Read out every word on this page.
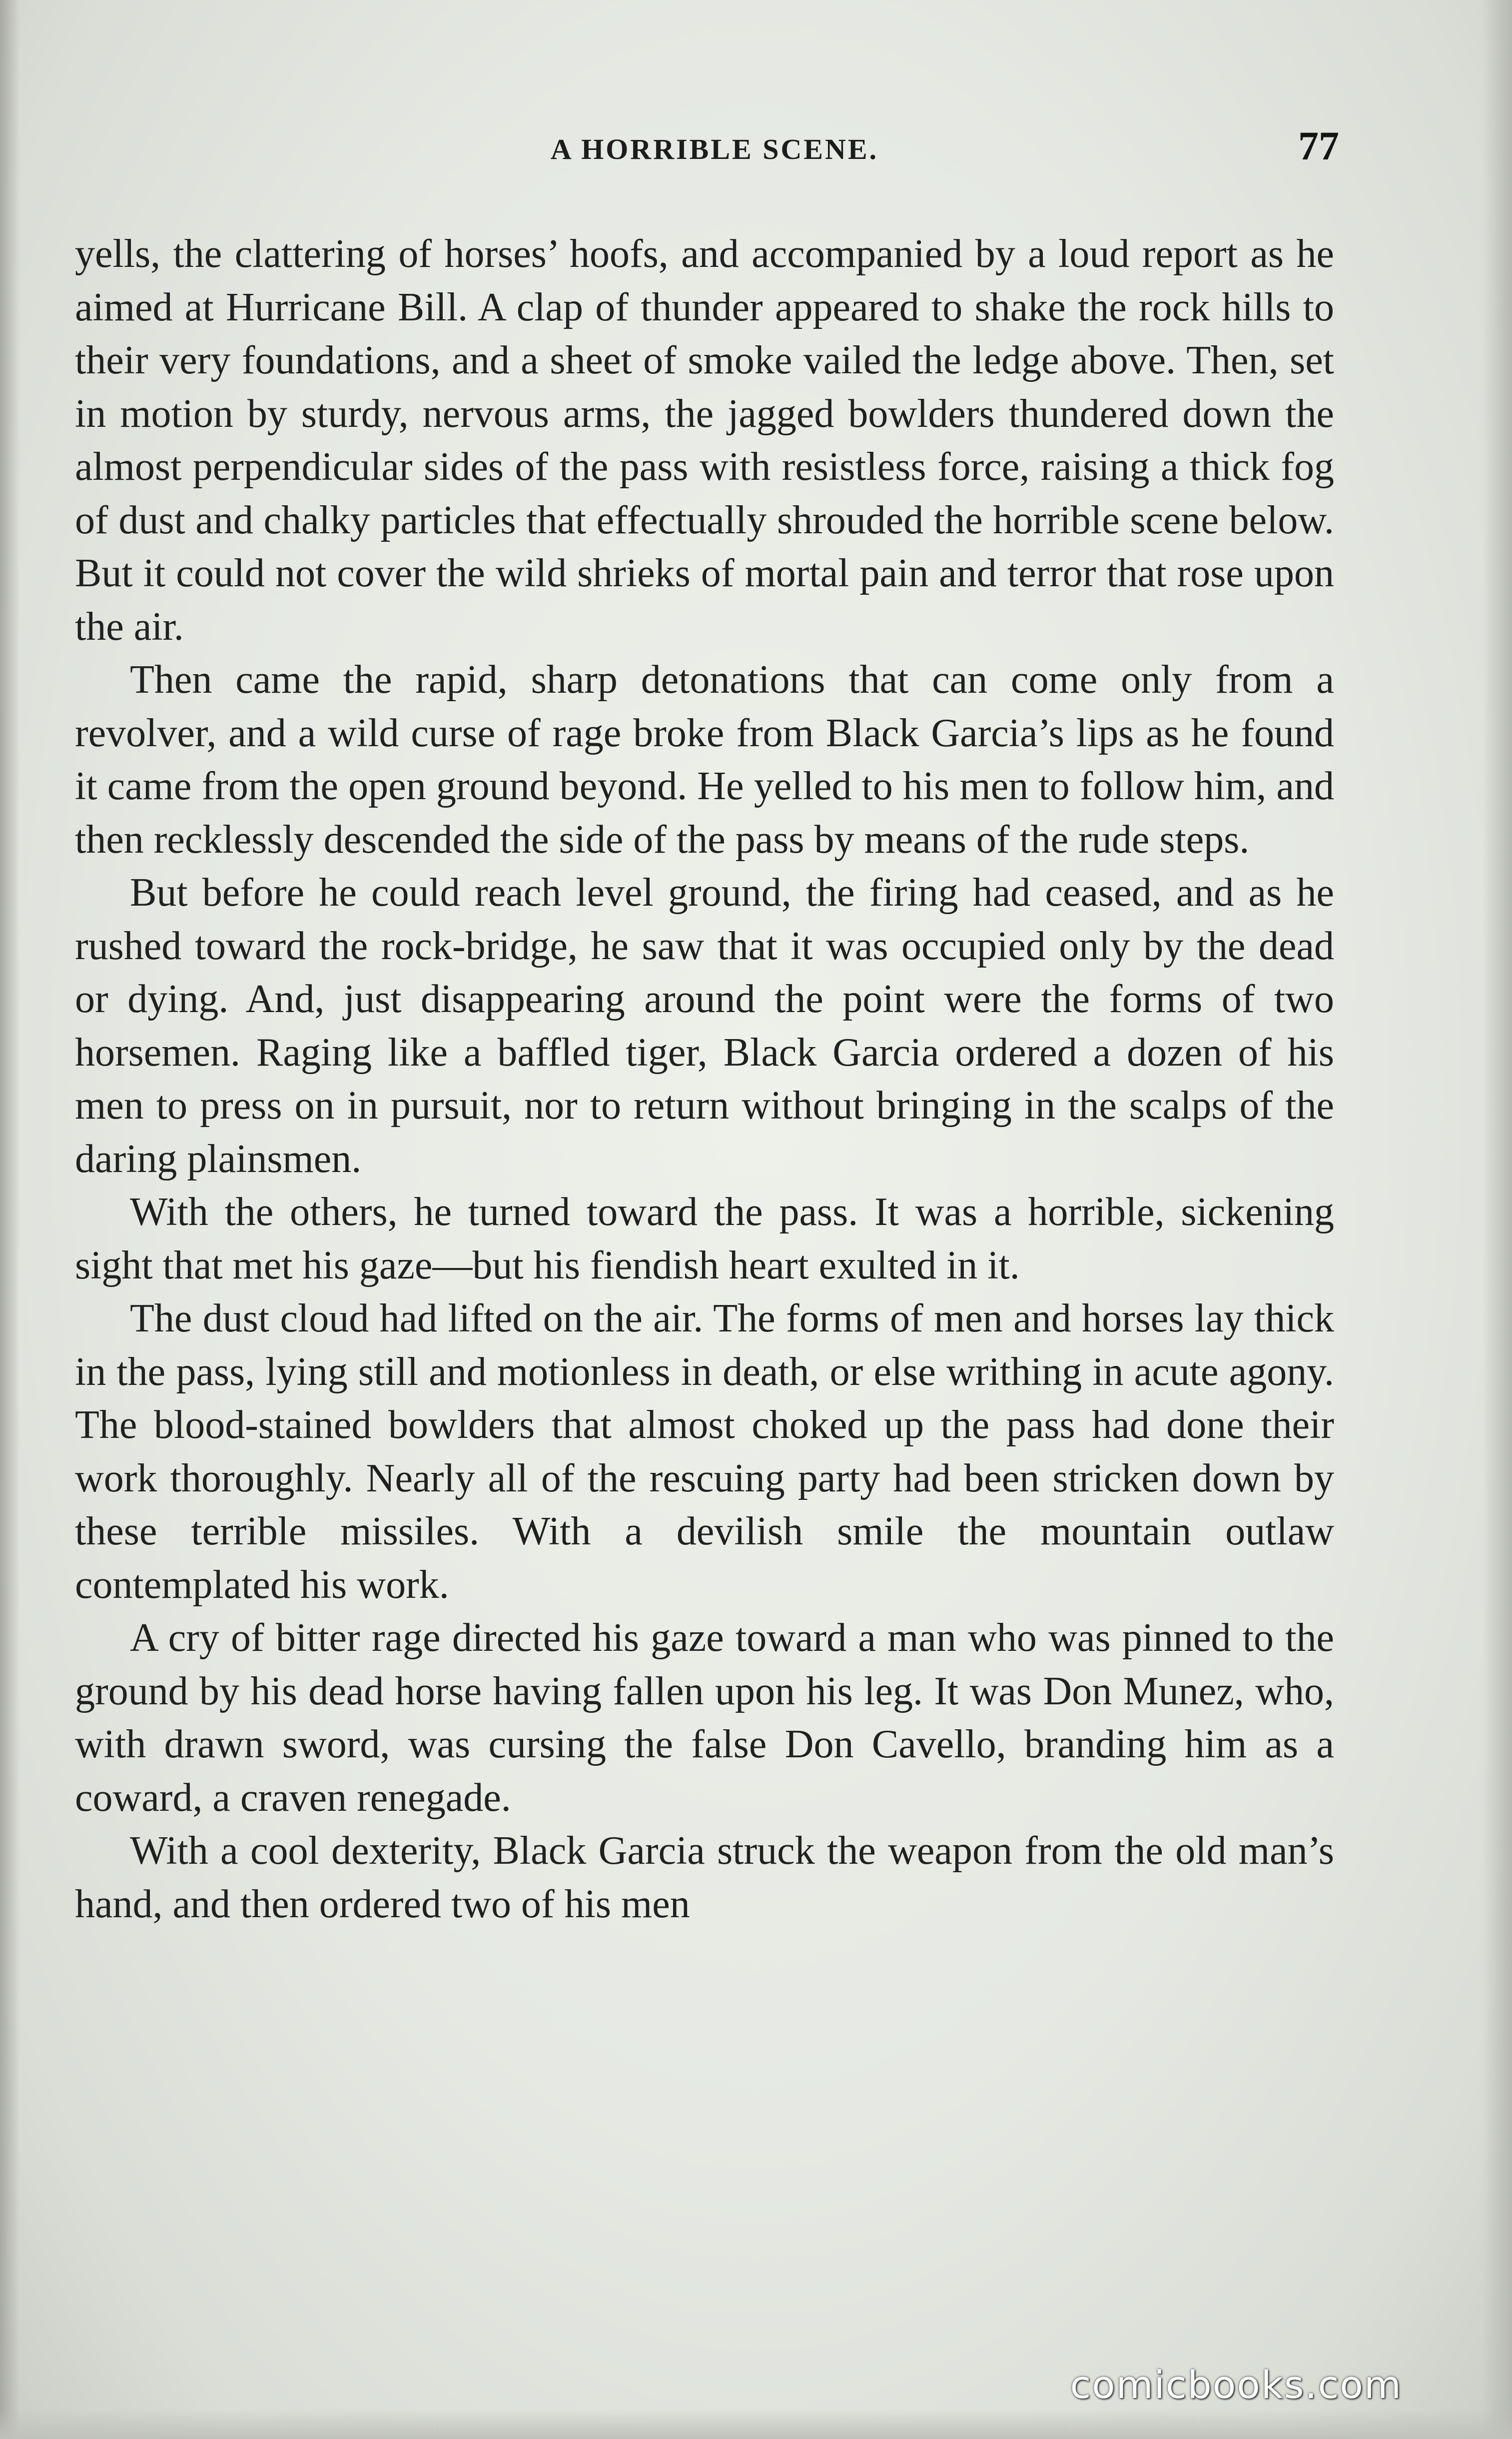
A HORRIBLE SCENE.	77

yells, the clattering of horses’ hoofs, and accompanied by a loud report as he aimed at Hurricane Bill. A clap of thunder appeared to shake the rock hills to their very foundations, and a sheet of smoke vailed the ledge above. Then, set in motion by sturdy, nervous arms, the jagged bowlders thundered down the almost perpendicular sides of the pass with resistless force, raising a thick fog of dust and chalky particles that effectually shrouded the horrible scene below. But it could not cover the wild shrieks of mortal pain and terror that rose upon the air.

Then came the rapid, sharp detonations that can come only from a revolver, and a wild curse of rage broke from Black Garcia’s lips as he found it came from the open ground beyond. He yelled to his men to follow him, and then recklessly descended the side of the pass by means of the rude steps.

But before he could reach level ground, the firing had ceased, and as he rushed toward the rock-bridge, he saw that it was occupied only by the dead or dying. And, just disappearing around the point were the forms of two horsemen. Raging like a baffled tiger, Black Garcia ordered a dozen of his men to press on in pursuit, nor to return without bringing in the scalps of the daring plainsmen.

With the others, he turned toward the pass. It was a horrible, sickening sight that met his gaze—but his fiendish heart exulted in it.

The dust cloud had lifted on the air. The forms of men and horses lay thick in the pass, lying still and motionless in death, or else writhing in acute agony. The blood-stained bowlders that almost choked up the pass had done their work thoroughly. Nearly all of the rescuing party had been stricken down by these terrible missiles. With a devilish smile the mountain outlaw contemplated his work.

A cry of bitter rage directed his gaze toward a man who was pinned to the ground by his dead horse having fallen upon his leg. It was Don Munez, who, with drawn sword, was cursing the false Don Cavello, branding him as a coward, a craven renegade.

With a cool dexterity, Black Garcia struck the weapon from the old man’s hand, and then ordered two of his men

comicbooks.com
